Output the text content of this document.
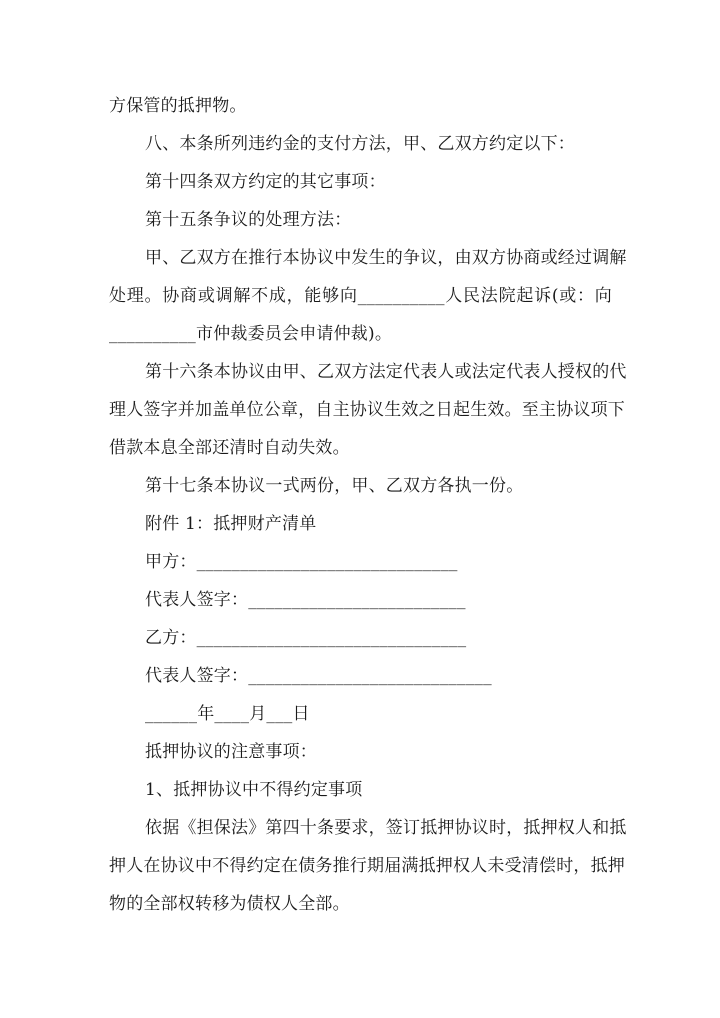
方保管的抵押物。
八、本条所列违约金的支付方法，甲、乙双方约定以下：
第十四条双方约定的其它事项：
第十五条争议的处理方法：
甲、乙双方在推行本协议中发生的争议，由双方协商或经过调解
处理。协商或调解不成，能够向__________人民法院起诉(或：向
__________市仲裁委员会申请仲裁)。
第十六条本协议由甲、乙双方法定代表人或法定代表人授权的代
理人签字并加盖单位公章，自主协议生效之日起生效。至主协议项下
借款本息全部还清时自动失效。
第十七条本协议一式两份，甲、乙双方各执一份。
附件 1：抵押财产清单
甲方：______________________________
代表人签字：_________________________
乙方：_______________________________
代表人签字：____________________________
______年____月___日
抵押协议的注意事项：
1、抵押协议中不得约定事项
依据《担保法》第四十条要求，签订抵押协议时，抵押权人和抵
押人在协议中不得约定在债务推行期届满抵押权人未受清偿时，抵押
物的全部权转移为债权人全部。
